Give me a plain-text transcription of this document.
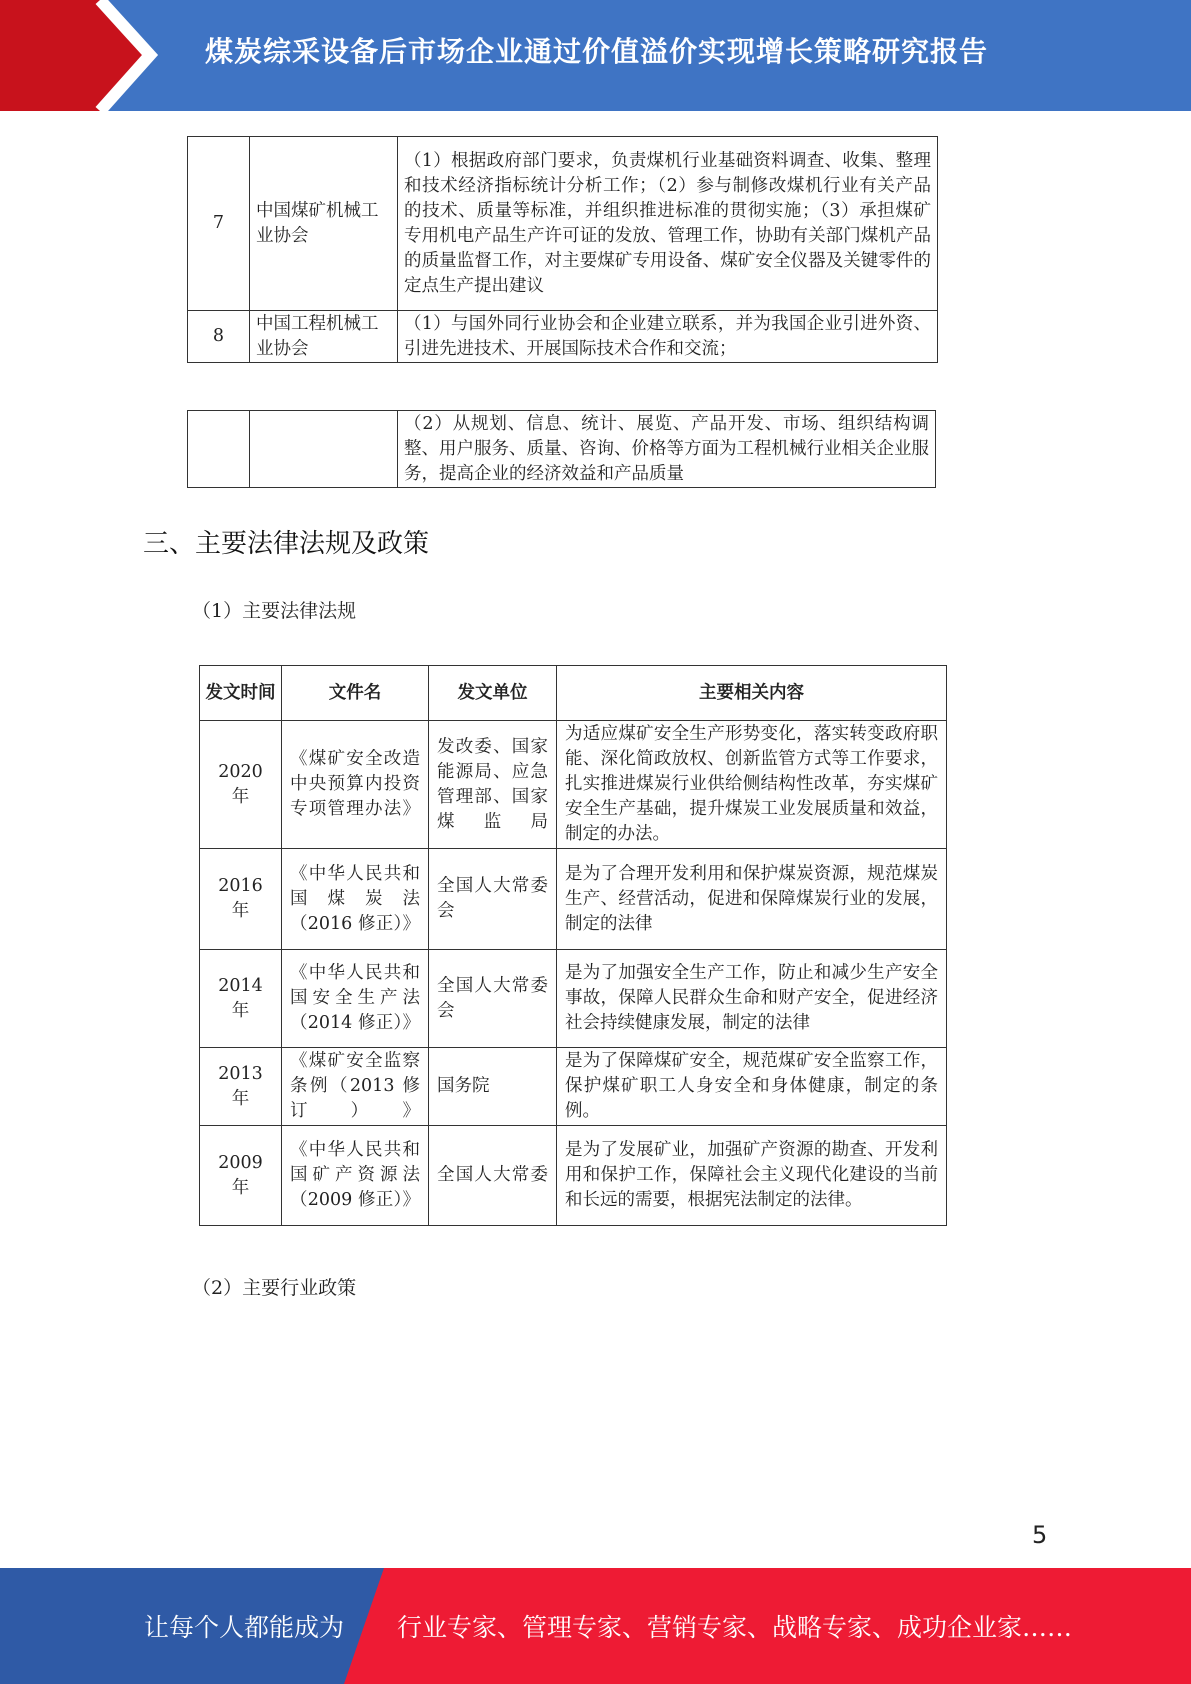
煤炭综采设备后市场企业通过价值溢价实现增长策略研究报告
7	中国煤矿机械工业协会	（1）根据政府部门要求，负责煤机行业基础资料调查、收集、整理和技术经济指标统计分析工作；（2）参与制修改煤机行业有关产品的技术、质量等标准，并组织推进标准的贯彻实施；（3）承担煤矿专用机电产品生产许可证的发放、管理工作，协助有关部门煤机产品的质量监督工作，对主要煤矿专用设备、煤矿安全仪器及关键零件的定点生产提出建议
8	中国工程机械工业协会	（1）与国外同行业协会和企业建立联系，并为我国企业引进外资、引进先进技术、开展国际技术合作和交流；
		（2）从规划、信息、统计、展览、产品开发、市场、组织结构调整、用户服务、质量、咨询、价格等方面为工程机械行业相关企业服务，提高企业的经济效益和产品质量
三、主要法律法规及政策
（1）主要法律法规
发文时间	文件名	发文单位	主要相关内容
2020 年	《煤矿安全改造中央预算内投资专项管理办法》	发改委、国家能源局、应急管理部、国家煤监局	为适应煤矿安全生产形势变化，落实转变政府职能、深化简政放权、创新监管方式等工作要求，扎实推进煤炭行业供给侧结构性改革，夯实煤矿安全生产基础，提升煤炭工业发展质量和效益，制定的办法。
2016 年	《中华人民共和国煤炭法（2016 修正）》	全国人大常委会	是为了合理开发利用和保护煤炭资源，规范煤炭生产、经营活动，促进和保障煤炭行业的发展，制定的法律
2014 年	《中华人民共和国安全生产法（2014 修正）》	全国人大常委会	是为了加强安全生产工作，防止和减少生产安全事故，保障人民群众生命和财产安全，促进经济社会持续健康发展，制定的法律
2013 年	《煤矿安全监察条例（2013 修订）》	国务院	是为了保障煤矿安全，规范煤矿安全监察工作，保护煤矿职工人身安全和身体健康，制定的条例。
2009 年	《中华人民共和国矿产资源法（2009 修正）》	全国人大常委	是为了发展矿业，加强矿产资源的勘查、开发利用和保护工作，保障社会主义现代化建设的当前和长远的需要，根据宪法制定的法律。
（2）主要行业政策
5
让每个人都能成为 行业专家、管理专家、营销专家、战略专家、成功企业家……
